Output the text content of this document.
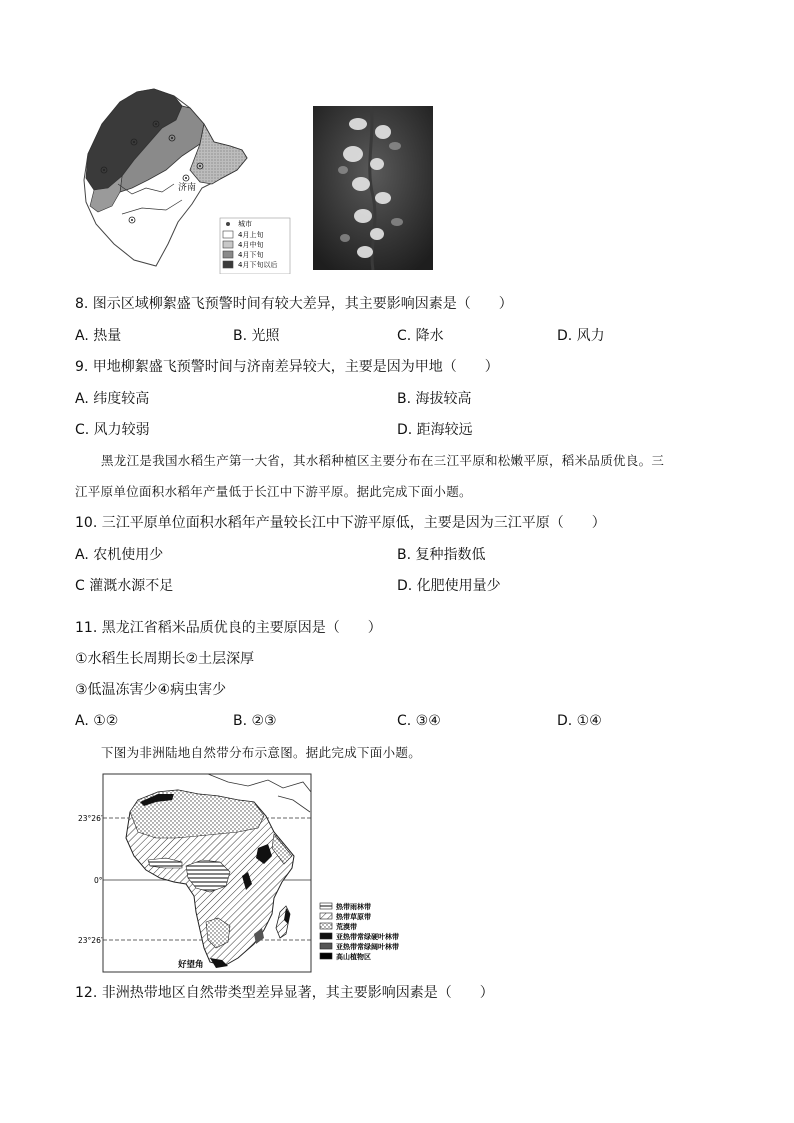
济南
城市
4月上旬
4月中旬
4月下旬
4月下旬以后
8. 图示区域柳絮盛飞预警时间有较大差异，其主要影响因素是（　　）
A. 热量	B. 光照	C. 降水	D. 风力
9. 甲地柳絮盛飞预警时间与济南差异较大，主要是因为甲地（　　）
A. 纬度较高	B. 海拔较高
C. 风力较弱	D. 距海较远
黑龙江是我国水稻生产第一大省，其水稻种植区主要分布在三江平原和松嫩平原，稻米品质优良。三
江平原单位面积水稻年产量低于长江中下游平原。据此完成下面小题。
10. 三江平原单位面积水稻年产量较长江中下游平原低，主要是因为三江平原（　　）
A. 农机使用少	B. 复种指数低
C 灌溉水源不足	D. 化肥使用量少
11. 黑龙江省稻米品质优良的主要原因是（　　）
①水稻生长周期长②土层深厚
③低温冻害少④病虫害少
A. ①②	B. ②③	C. ③④	D. ①④
下图为非洲陆地自然带分布示意图。据此完成下面小题。
23°26′
0°
23°26′
好望角
热带雨林带
热带草原带
荒漠带
亚热带常绿硬叶林带
亚热带常绿阔叶林带
高山植物区
12. 非洲热带地区自然带类型差异显著，其主要影响因素是（　　）
